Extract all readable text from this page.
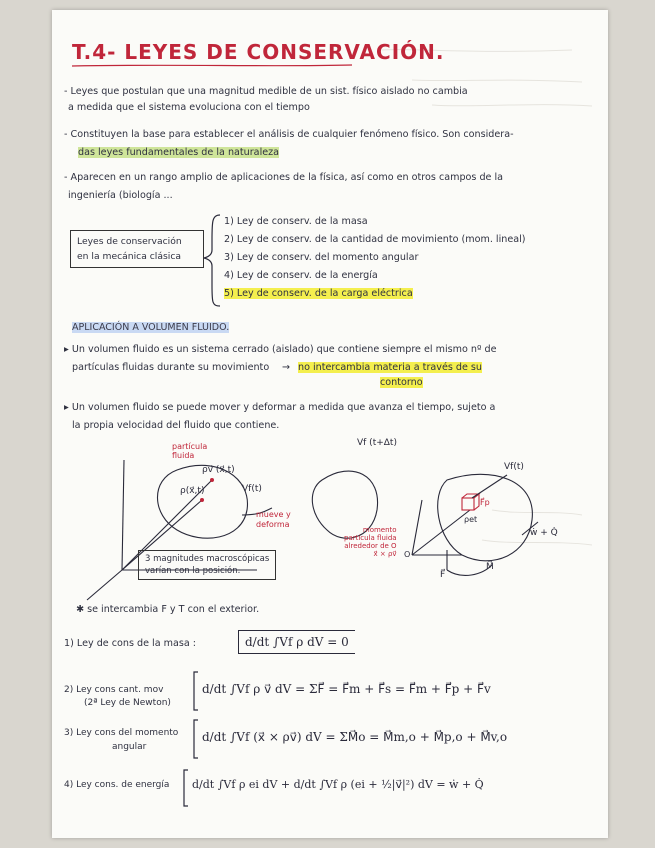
T.4- LEYES DE CONSERVACIÓN.
- Leyes que postulan que una magnitud medible de un sist. físico aislado no cambia
a medida que el sistema evoluciona con el tiempo
- Constituyen la base para establecer el análisis de cualquier fenómeno físico. Son considera-
das leyes fundamentales de la naturaleza
- Aparecen en un rango amplio de aplicaciones de la física, así como en otros campos de la
ingeniería (biología ...
Leyes de conservación
en la mecánica clásica
1) Ley de conserv. de la masa
2) Ley de conserv. de la cantidad de movimiento (mom. lineal)
3) Ley de conserv. del momento angular
4) Ley de conserv. de la energía
5) Ley de conserv. de la carga eléctrica
APLICACIÓN A VOLUMEN FLUIDO.
▸ Un volumen fluido es un sistema cerrado (aislado) que contiene siempre el mismo nº de
partículas fluidas durante su movimiento → no intercambia materia a través de su
contorno
▸ Un volumen fluido se puede mover y deformar a medida que avanza el tiempo, sujeto a
la propia velocidad del fluido que contiene.
partícula
fluida
ρv⃗ (x⃗,t)
ρ(x⃗,t)	Vf(t)
mueve y
deforma
3 magnitudes macroscópicas
varían con la posición.
Vf (t+Δt)
Vf(t)
momento
partícula fluida
alrededor de O
x⃗ × ρv⃗
F⃗p
ρet
ẇ + Q̇
F⃗
M⃗
O
✱ se intercambia F y T con el exterior.
1) Ley de cons de la masa :	d/dt ∫Vf ρ dV = 0
2) Ley cons cant. mov
(2ª Ley de Newton)
d/dt ∫Vf ρ v⃗ dV = ΣF⃗ = F⃗m + F⃗s = F⃗m + F⃗p + F⃗v
3) Ley cons del momento
angular
d/dt ∫Vf (x⃗ × ρv⃗) dV = ΣM⃗o = M⃗m,o + M⃗p,o + M⃗v,o
4) Ley cons. de energía d/dt ∫Vf ρ ei dV + d/dt ∫Vf ρ (ei + ½|v⃗|²) dV = ẇ + Q̇
